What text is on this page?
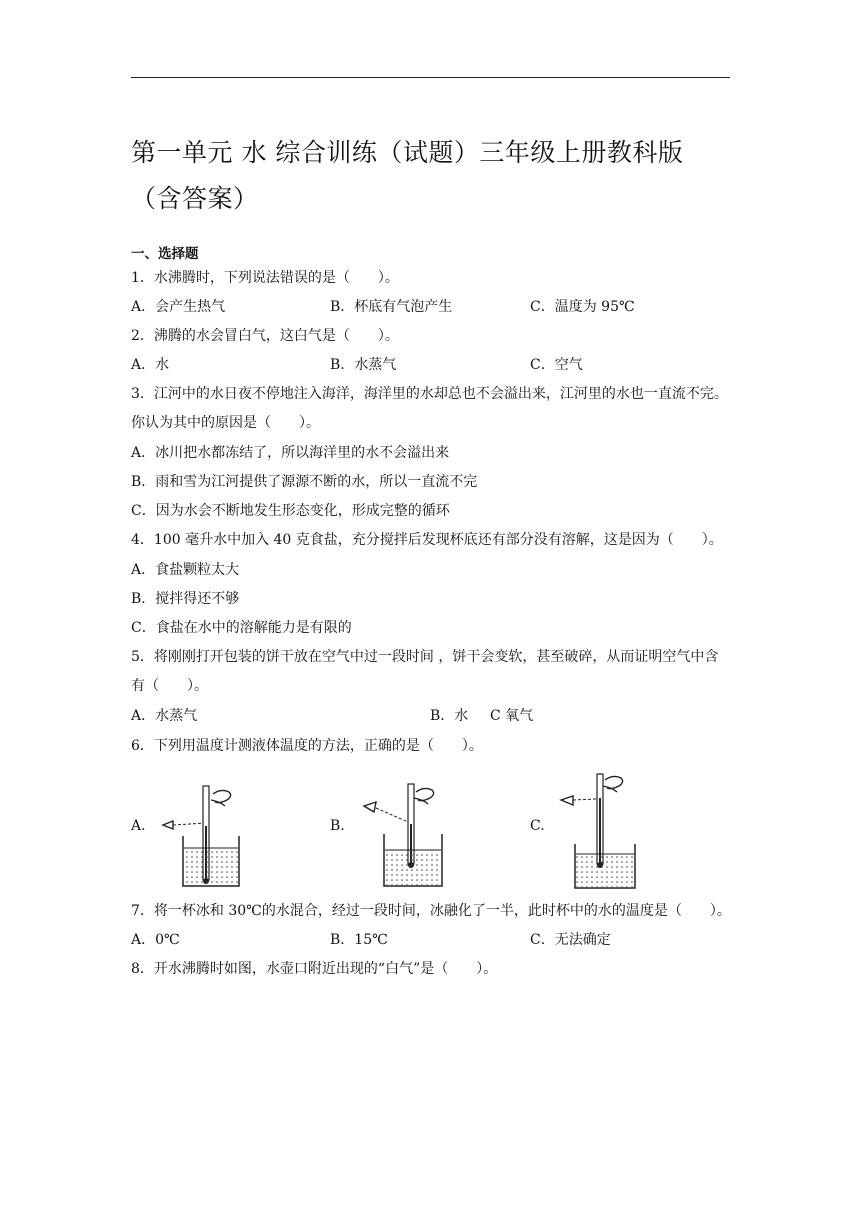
第一单元 水 综合训练（试题）三年级上册教科版（含答案）
一、选择题
1．水沸腾时，下列说法错误的是（　　）。
A．会产生热气	B．杯底有气泡产生	C．温度为 95℃
2．沸腾的水会冒白气，这白气是（　　）。
A．水	B．水蒸气	C．空气
3．江河中的水日夜不停地注入海洋，海洋里的水却总也不会溢出来，江河里的水也一直流不完。你认为其中的原因是（　　）。
A．冰川把水都冻结了，所以海洋里的水不会溢出来
B．雨和雪为江河提供了源源不断的水，所以一直流不完
C．因为水会不断地发生形态变化，形成完整的循环
4．100 毫升水中加入 40 克食盐，充分搅拌后发现杯底还有部分没有溶解，这是因为（　　）。
A．食盐颗粒太大
B．搅拌得还不够
C．食盐在水中的溶解能力是有限的
5．将刚刚打开包装的饼干放在空气中过一段时间 ，饼干会变软，甚至破碎，从而证明空气中含有（　　）。
A．水蒸气	B．水 C 氧气
6．下列用温度计测液体温度的方法，正确的是（　　）。
A.	B.	C.
7．将一杯冰和 30℃的水混合，经过一段时间，冰融化了一半，此时杯中的水的温度是（　　）。
A．0℃	B．15℃	C．无法确定
8．开水沸腾时如图，水壶口附近出现的“白气”是（　　）。
